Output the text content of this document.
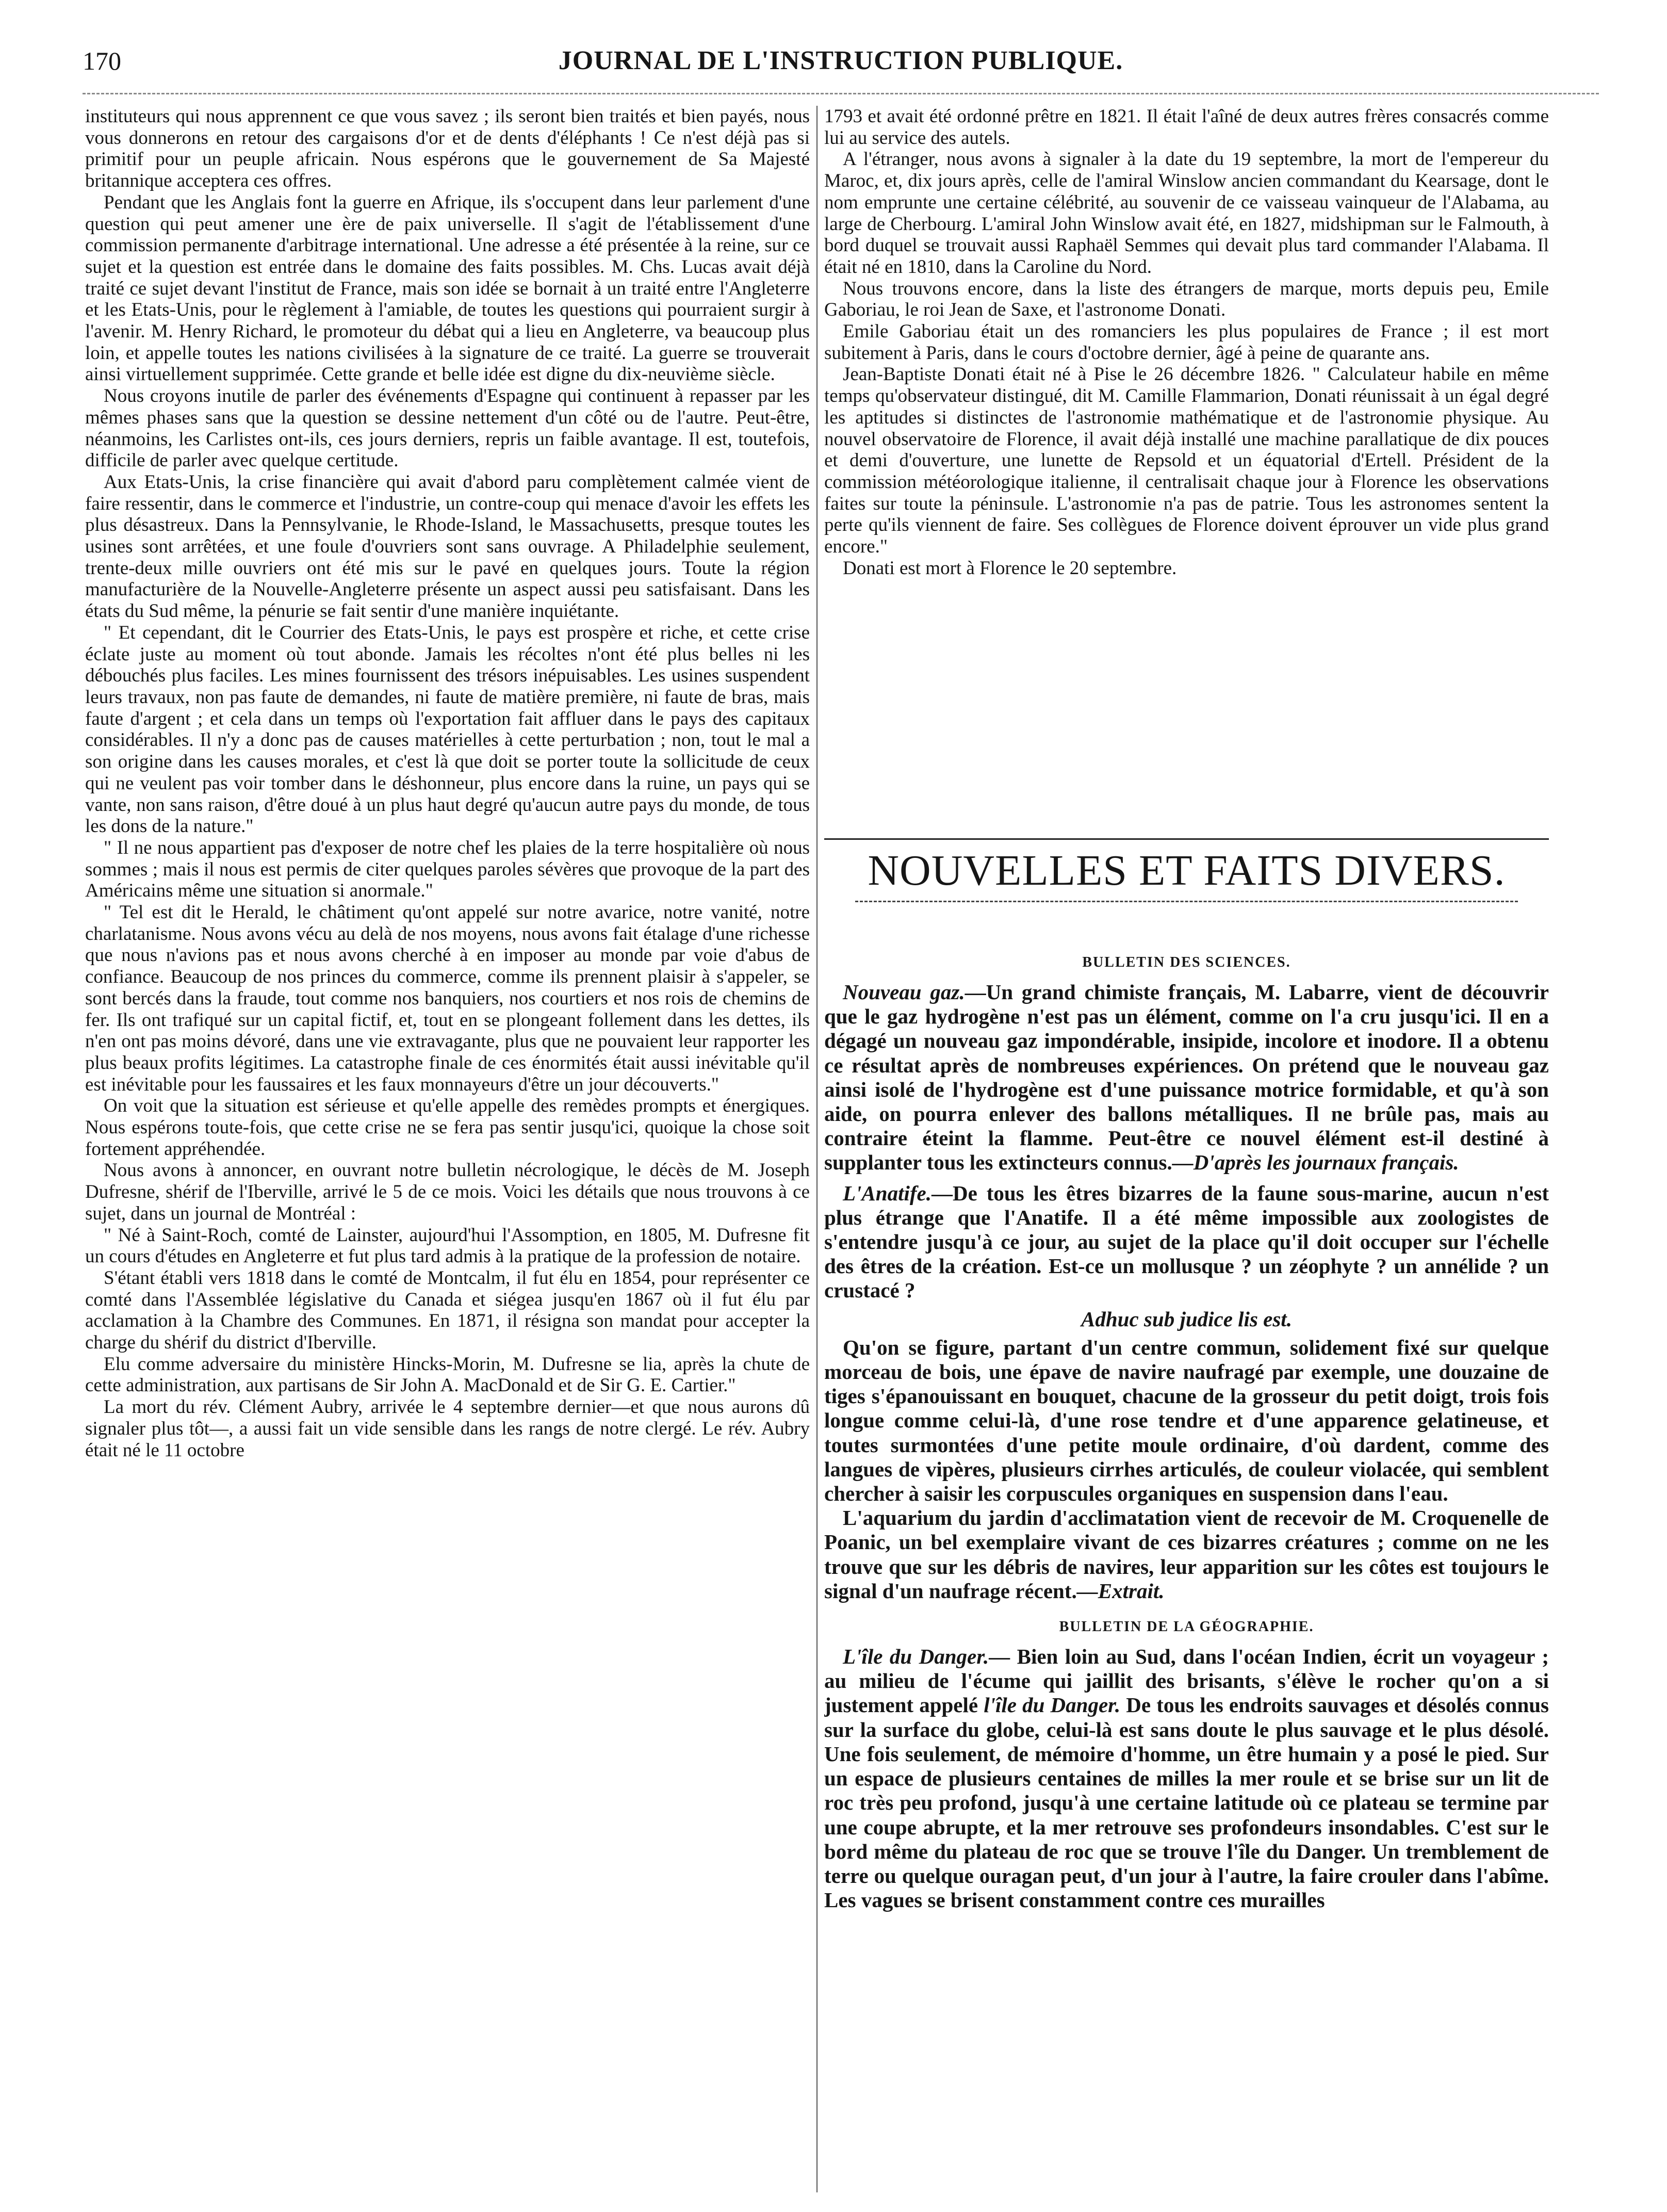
170	JOURNAL DE L'INSTRUCTION PUBLIQUE.

instituteurs qui nous apprennent ce que vous savez ; ils seront bien traités et bien payés, nous vous donnerons en retour des cargaisons d'or et de dents d'éléphants ! Ce n'est déjà pas si primitif pour un peuple africain. Nous espérons que le gouvernement de Sa Majesté britannique acceptera ces offres.

Pendant que les Anglais font la guerre en Afrique, ils s'occupent dans leur parlement d'une question qui peut amener une ère de paix universelle. Il s'agit de l'établissement d'une commission permanente d'arbitrage international. Une adresse a été présentée à la reine, sur ce sujet et la question est entrée dans le domaine des faits possibles. M. Chs. Lucas avait déjà traité ce sujet devant l'institut de France, mais son idée se bornait à un traité entre l'Angleterre et les Etats-Unis, pour le règlement à l'amiable, de toutes les questions qui pourraient surgir à l'avenir. M. Henry Richard, le promoteur du débat qui a lieu en Angleterre, va beaucoup plus loin, et appelle toutes les nations civilisées à la signature de ce traité. La guerre se trouverait ainsi virtuellement supprimée. Cette grande et belle idée est digne du dix-neuvième siècle.

Nous croyons inutile de parler des événements d'Espagne qui continuent à repasser par les mêmes phases sans que la question se dessine nettement d'un côté ou de l'autre. Peut-être, néanmoins, les Carlistes ont-ils, ces jours derniers, repris un faible avantage. Il est, toutefois, difficile de parler avec quelque certitude.

Aux Etats-Unis, la crise financière qui avait d'abord paru complètement calmée vient de faire ressentir, dans le commerce et l'industrie, un contre-coup qui menace d'avoir les effets les plus désastreux. Dans la Pennsylvanie, le Rhode-Island, le Massachusetts, presque toutes les usines sont arrêtées, et une foule d'ouvriers sont sans ouvrage. A Philadelphie seulement, trente-deux mille ouvriers ont été mis sur le pavé en quelques jours. Toute la région manufacturière de la Nouvelle-Angleterre présente un aspect aussi peu satisfaisant. Dans les états du Sud même, la pénurie se fait sentir d'une manière inquiétante.

" Et cependant, dit le Courrier des Etats-Unis, le pays est prospère et riche, et cette crise éclate juste au moment où tout abonde. Jamais les récoltes n'ont été plus belles ni les débouchés plus faciles. Les mines fournissent des trésors inépuisables. Les usines suspendent leurs travaux, non pas faute de demandes, ni faute de matière première, ni faute de bras, mais faute d'argent ; et cela dans un temps où l'exportation fait affluer dans le pays des capitaux considérables. Il n'y a donc pas de causes matérielles à cette perturbation ; non, tout le mal a son origine dans les causes morales, et c'est là que doit se porter toute la sollicitude de ceux qui ne veulent pas voir tomber dans le déshonneur, plus encore dans la ruine, un pays qui se vante, non sans raison, d'être doué à un plus haut degré qu'aucun autre pays du monde, de tous les dons de la nature."

" Il ne nous appartient pas d'exposer de notre chef les plaies de la terre hospitalière où nous sommes ; mais il nous est permis de citer quelques paroles sévères que provoque de la part des Américains même une situation si anormale."

" Tel est dit le Herald, le châtiment qu'ont appelé sur notre avarice, notre vanité, notre charlatanisme. Nous avons vécu au delà de nos moyens, nous avons fait étalage d'une richesse que nous n'avions pas et nous avons cherché à en imposer au monde par voie d'abus de confiance. Beaucoup de nos princes du commerce, comme ils prennent plaisir à s'appeler, se sont bercés dans la fraude, tout comme nos banquiers, nos courtiers et nos rois de chemins de fer. Ils ont trafiqué sur un capital fictif, et, tout en se plongeant follement dans les dettes, ils n'en ont pas moins dévoré, dans une vie extravagante, plus que ne pouvaient leur rapporter les plus beaux profits légitimes. La catastrophe finale de ces énormités était aussi inévitable qu'il est inévitable pour les faussaires et les faux monnayeurs d'être un jour découverts."

On voit que la situation est sérieuse et qu'elle appelle des remèdes prompts et énergiques. Nous espérons toute-fois, que cette crise ne se fera pas sentir jusqu'ici, quoique la chose soit fortement appréhendée.

Nous avons à annoncer, en ouvrant notre bulletin nécrologique, le décès de M. Joseph Dufresne, shérif de l'Iberville, arrivé le 5 de ce mois. Voici les détails que nous trouvons à ce sujet, dans un journal de Montréal :

" Né à Saint-Roch, comté de Lainster, aujourd'hui l'Assomption, en 1805, M. Dufresne fit un cours d'études en Angleterre et fut plus tard admis à la pratique de la profession de notaire.

S'étant établi vers 1818 dans le comté de Montcalm, il fut élu en 1854, pour représenter ce comté dans l'Assemblée législative du Canada et siégea jusqu'en 1867 où il fut élu par acclamation à la Chambre des Communes. En 1871, il résigna son mandat pour accepter la charge du shérif du district d'Iberville.

Elu comme adversaire du ministère Hincks-Morin, M. Dufresne se lia, après la chute de cette administration, aux partisans de Sir John A. MacDonald et de Sir G. E. Cartier."

La mort du rév. Clément Aubry, arrivée le 4 septembre dernier—et que nous aurons dû signaler plus tôt—, a aussi fait un vide sensible dans les rangs de notre clergé. Le rév. Aubry était né le 11 octobre

1793 et avait été ordonné prêtre en 1821. Il était l'aîné de deux autres frères consacrés comme lui au service des autels.

A l'étranger, nous avons à signaler à la date du 19 septembre, la mort de l'empereur du Maroc, et, dix jours après, celle de l'amiral Winslow ancien commandant du Kearsage, dont le nom emprunte une certaine célébrité, au souvenir de ce vaisseau vainqueur de l'Alabama, au large de Cherbourg. L'amiral John Winslow avait été, en 1827, midshipman sur le Falmouth, à bord duquel se trouvait aussi Raphaël Semmes qui devait plus tard commander l'Alabama. Il était né en 1810, dans la Caroline du Nord.

Nous trouvons encore, dans la liste des étrangers de marque, morts depuis peu, Emile Gaboriau, le roi Jean de Saxe, et l'astronome Donati.

Emile Gaboriau était un des romanciers les plus populaires de France ; il est mort subitement à Paris, dans le cours d'octobre dernier, âgé à peine de quarante ans.

Jean-Baptiste Donati était né à Pise le 26 décembre 1826. " Calculateur habile en même temps qu'observateur distingué, dit M. Camille Flammarion, Donati réunissait à un égal degré les aptitudes si distinctes de l'astronomie mathématique et de l'astronomie physique. Au nouvel observatoire de Florence, il avait déjà installé une machine parallatique de dix pouces et demi d'ouverture, une lunette de Repsold et un équatorial d'Ertell. Président de la commission météorologique italienne, il centralisait chaque jour à Florence les observations faites sur toute la péninsule. L'astronomie n'a pas de patrie. Tous les astronomes sentent la perte qu'ils viennent de faire. Ses collègues de Florence doivent éprouver un vide plus grand encore."

Donati est mort à Florence le 20 septembre.

NOUVELLES ET FAITS DIVERS.
BULLETIN DES SCIENCES.

Nouveau gaz.—Un grand chimiste français, M. Labarre, vient de découvrir que le gaz hydrogène n'est pas un élément, comme on l'a cru jusqu'ici. Il en a dégagé un nouveau gaz impondérable, insipide, incolore et inodore. Il a obtenu ce résultat après de nombreuses expériences. On prétend que le nouveau gaz ainsi isolé de l'hydrogène est d'une puissance motrice formidable, et qu'à son aide, on pourra enlever des ballons métalliques. Il ne brûle pas, mais au contraire éteint la flamme. Peut-être ce nouvel élément est-il destiné à supplanter tous les extincteurs connus.—D'après les journaux français.

L'Anatife.—De tous les êtres bizarres de la faune sous-marine, aucun n'est plus étrange que l'Anatife. Il a été même impossible aux zoologistes de s'entendre jusqu'à ce jour, au sujet de la place qu'il doit occuper sur l'échelle des êtres de la création. Est-ce un mollusque ? un zéophyte ? un annélide ? un crustacé ?

Adhuc sub judice lis est.

Qu'on se figure, partant d'un centre commun, solidement fixé sur quelque morceau de bois, une épave de navire naufragé par exemple, une douzaine de tiges s'épanouissant en bouquet, chacune de la grosseur du petit doigt, trois fois longue comme celui-là, d'une rose tendre et d'une apparence gelatineuse, et toutes surmontées d'une petite moule ordinaire, d'où dardent, comme des langues de vipères, plusieurs cirrhes articulés, de couleur violacée, qui semblent chercher à saisir les corpuscules organiques en suspension dans l'eau.

L'aquarium du jardin d'acclimatation vient de recevoir de M. Croquenelle de Poanic, un bel exemplaire vivant de ces bizarres créatures ; comme on ne les trouve que sur les débris de navires, leur apparition sur les côtes est toujours le signal d'un naufrage récent.—Extrait.

BULLETIN DE LA GÉOGRAPHIE.

L'île du Danger.— Bien loin au Sud, dans l'océan Indien, écrit un voyageur ; au milieu de l'écume qui jaillit des brisants, s'élève le rocher qu'on a si justement appelé l'île du Danger. De tous les endroits sauvages et désolés connus sur la surface du globe, celui-là est sans doute le plus sauvage et le plus désolé. Une fois seulement, de mémoire d'homme, un être humain y a posé le pied. Sur un espace de plusieurs centaines de milles la mer roule et se brise sur un lit de roc très peu profond, jusqu'à une certaine latitude où ce plateau se termine par une coupe abrupte, et la mer retrouve ses profondeurs insondables. C'est sur le bord même du plateau de roc que se trouve l'île du Danger. Un tremblement de terre ou quelque ouragan peut, d'un jour à l'autre, la faire crouler dans l'abîme. Les vagues se brisent constamment contre ces murailles
